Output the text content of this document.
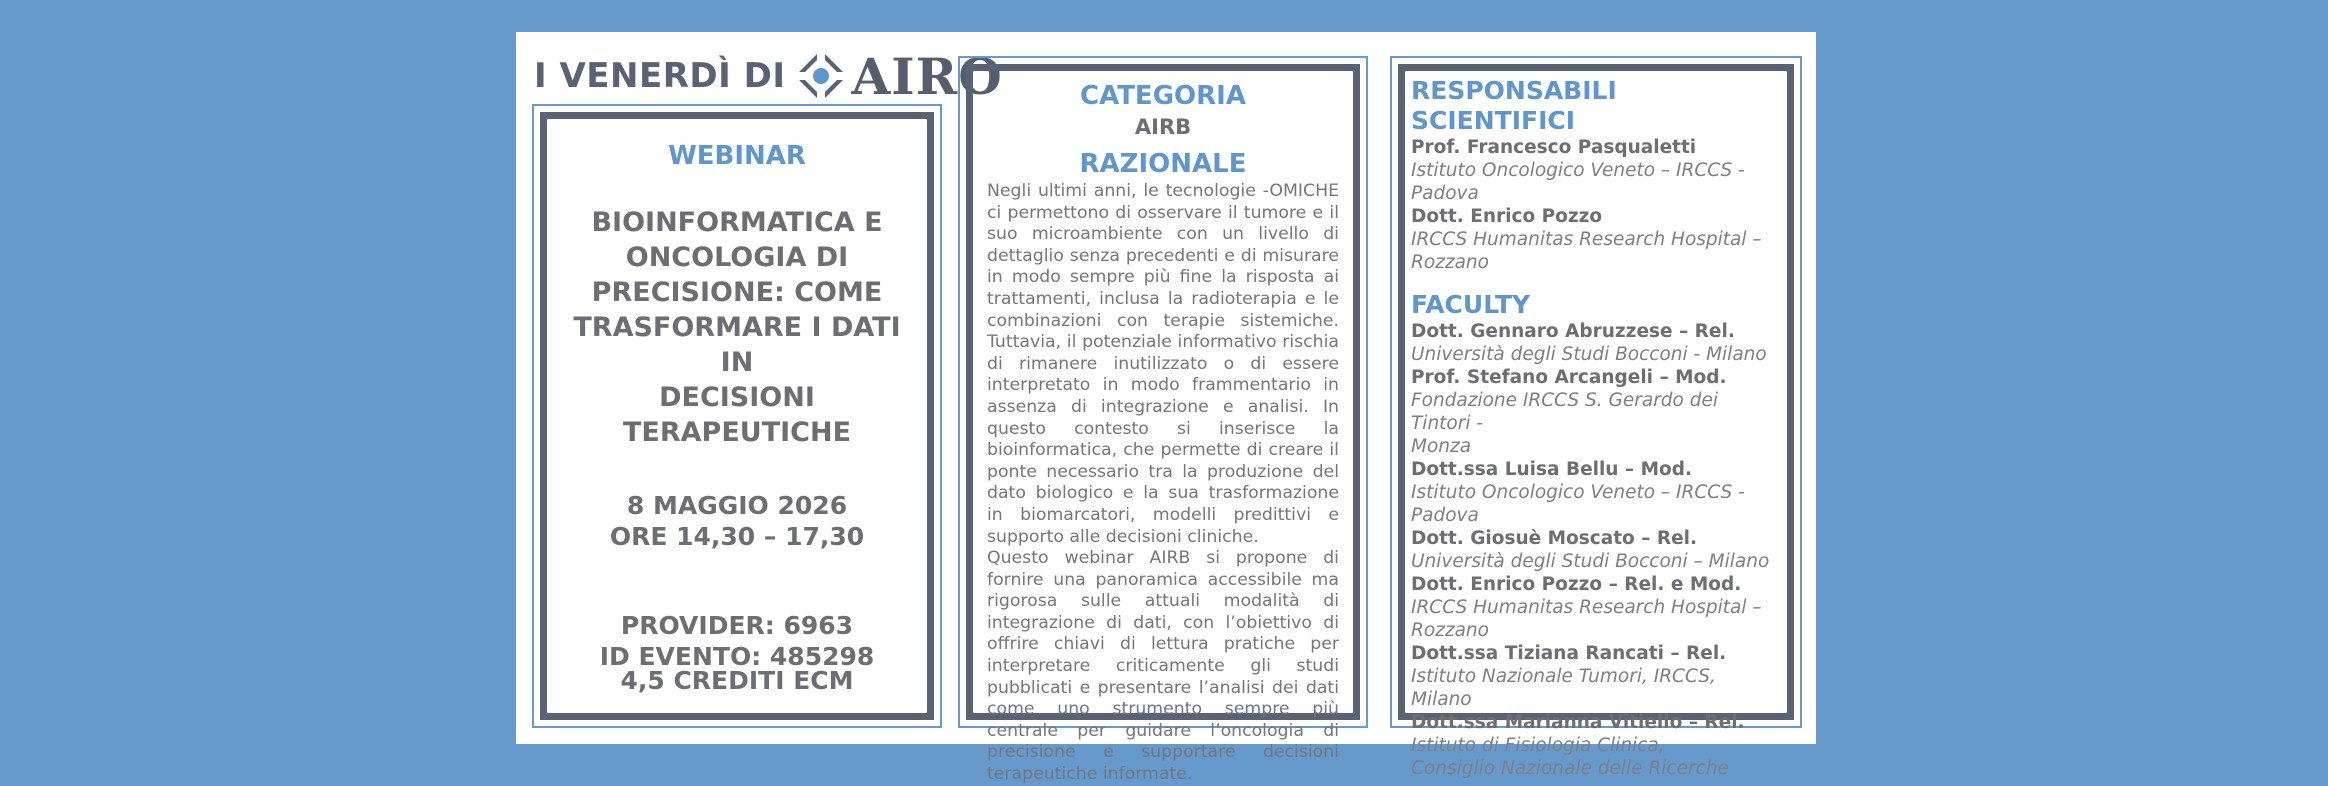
I VENERDÌ DI AIRO
WEBINAR
BIOINFORMATICA E
ONCOLOGIA DI
PRECISIONE: COME
TRASFORMARE I DATI IN
DECISIONI TERAPEUTICHE
8 MAGGIO 2026
ORE 14,30 – 17,30
PROVIDER: 6963
ID EVENTO: 485298
4,5 CREDITI ECM
CATEGORIA
AIRB
RAZIONALE

Negli ultimi anni, le tecnologie -OMICHE ci permettono di osservare il tumore e il suo microambiente con un livello di dettaglio senza precedenti e di misurare in modo sempre più fine la risposta ai trattamenti, inclusa la radioterapia e le combinazioni con terapie sistemiche. Tuttavia, il potenziale informativo rischia di rimanere inutilizzato o di essere interpretato in modo frammentario in assenza di integrazione e analisi. In questo contesto si inserisce la bioinformatica, che permette di creare il ponte necessario tra la produzione del dato biologico e la sua trasformazione in biomarcatori, modelli predittivi e supporto alle decisioni cliniche.

Questo webinar AIRB si propone di fornire una panoramica accessibile ma rigorosa sulle attuali modalità di integrazione di dati, con l’obiettivo di offrire chiavi di lettura pratiche per interpretare criticamente gli studi pubblicati e presentare l’analisi dei dati come uno strumento sempre più centrale per guidare l’oncologia di precisione e supportare decisioni terapeutiche informate.

RESPONSABILI SCIENTIFICI
Prof. Francesco Pasqualetti
Istituto Oncologico Veneto – IRCCS -
Padova
Dott. Enrico Pozzo
IRCCS Humanitas Research Hospital –
Rozzano
FACULTY
Dott. Gennaro Abruzzese – Rel.
Università degli Studi Bocconi - Milano
Prof. Stefano Arcangeli – Mod.
Fondazione IRCCS S. Gerardo dei Tintori -
Monza
Dott.ssa Luisa Bellu – Mod.
Istituto Oncologico Veneto – IRCCS -
Padova
Dott. Giosuè Moscato – Rel.
Università degli Studi Bocconi – Milano
Dott. Enrico Pozzo – Rel. e Mod.
IRCCS Humanitas Research Hospital –
Rozzano
Dott.ssa Tiziana Rancati – Rel.
Istituto Nazionale Tumori, IRCCS, Milano
Dott.ssa Marianna Vitiello – Rel.
Istituto di Fisiologia Clinica,
Consiglio Nazionale delle Ricerche
